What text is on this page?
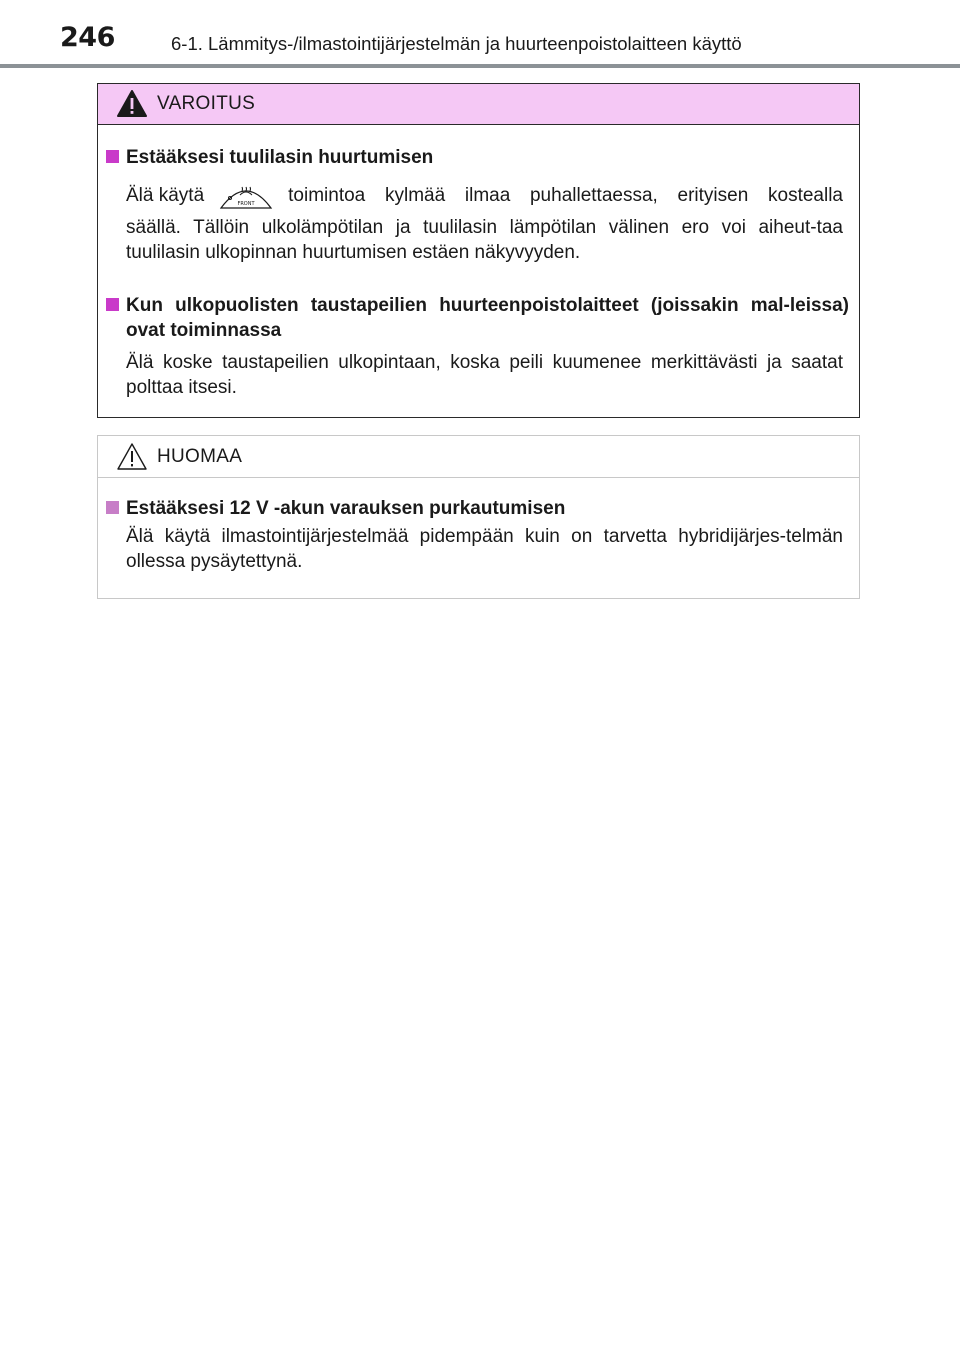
246	6-1. Lämmitys-/ilmastointijärjestelmän ja huurteenpoistolaitteen käyttö
VAROITUS
Estääksesi tuulilasin huurtumisen
Älä käytä	FRONT toimintoa kylmää ilmaa puhallettaessa, erityisen kostealla
säällä. Tällöin ulkolämpötilan ja tuulilasin lämpötilan välinen ero voi aiheut-taa tuulilasin ulkopinnan huurtumisen estäen näkyvyyden.
Kun ulkopuolisten taustapeilien huurteenpoistolaitteet (joissakin mal-leissa) ovat toiminnassa
Älä koske taustapeilien ulkopintaan, koska peili kuumenee merkittävästi ja saatat polttaa itsesi.
HUOMAA
Estääksesi 12 V -akun varauksen purkautumisen
Älä käytä ilmastointijärjestelmää pidempään kuin on tarvetta hybridijärjes-telmän ollessa pysäytettynä.
